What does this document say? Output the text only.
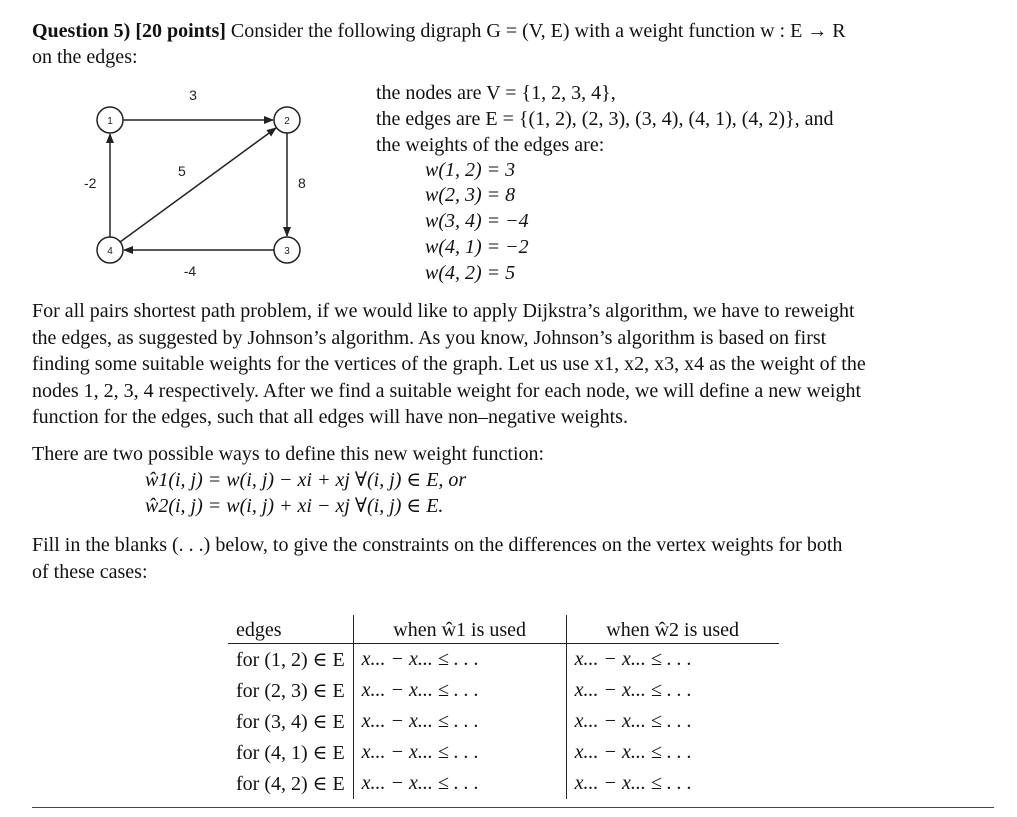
Question 5) [20 points] Consider the following digraph G = (V, E) with a weight function w : E → R
on the edges:
3
8
-4
-2
5
1	2
3
4
the nodes are V = {1, 2, 3, 4},
the edges are E = {(1, 2), (2, 3), (3, 4), (4, 1), (4, 2)}, and
the weights of the edges are:
w(1, 2) = 3
w(2, 3) = 8
w(3, 4) = −4
w(4, 1) = −2
w(4, 2) = 5
For all pairs shortest path problem, if we would like to apply Dijkstra’s algorithm, we have to reweight
the edges, as suggested by Johnson’s algorithm. As you know, Johnson’s algorithm is based on first
finding some suitable weights for the vertices of the graph. Let us use x1, x2, x3, x4 as the weight of the
nodes 1, 2, 3, 4 respectively. After we find a suitable weight for each node, we will define a new weight
function for the edges, such that all edges will have non–negative weights.
There are two possible ways to define this new weight function:
ŵ1(i, j) = w(i, j) − xi + xj ∀(i, j) ∈ E, or
ŵ2(i, j) = w(i, j) + xi − xj ∀(i, j) ∈ E.
Fill in the blanks (. . .) below, to give the constraints on the differences on the vertex weights for both
of these cases:
edges	when ŵ1 is used	when ŵ2 is used
for (1, 2) ∈ E	x... − x... ≤ . . .	x... − x... ≤ . . .
for (2, 3) ∈ E	x... − x... ≤ . . .	x... − x... ≤ . . .
for (3, 4) ∈ E	x... − x... ≤ . . .	x... − x... ≤ . . .
for (4, 1) ∈ E	x... − x... ≤ . . .	x... − x... ≤ . . .
for (4, 2) ∈ E	x... − x... ≤ . . .	x... − x... ≤ . . .
